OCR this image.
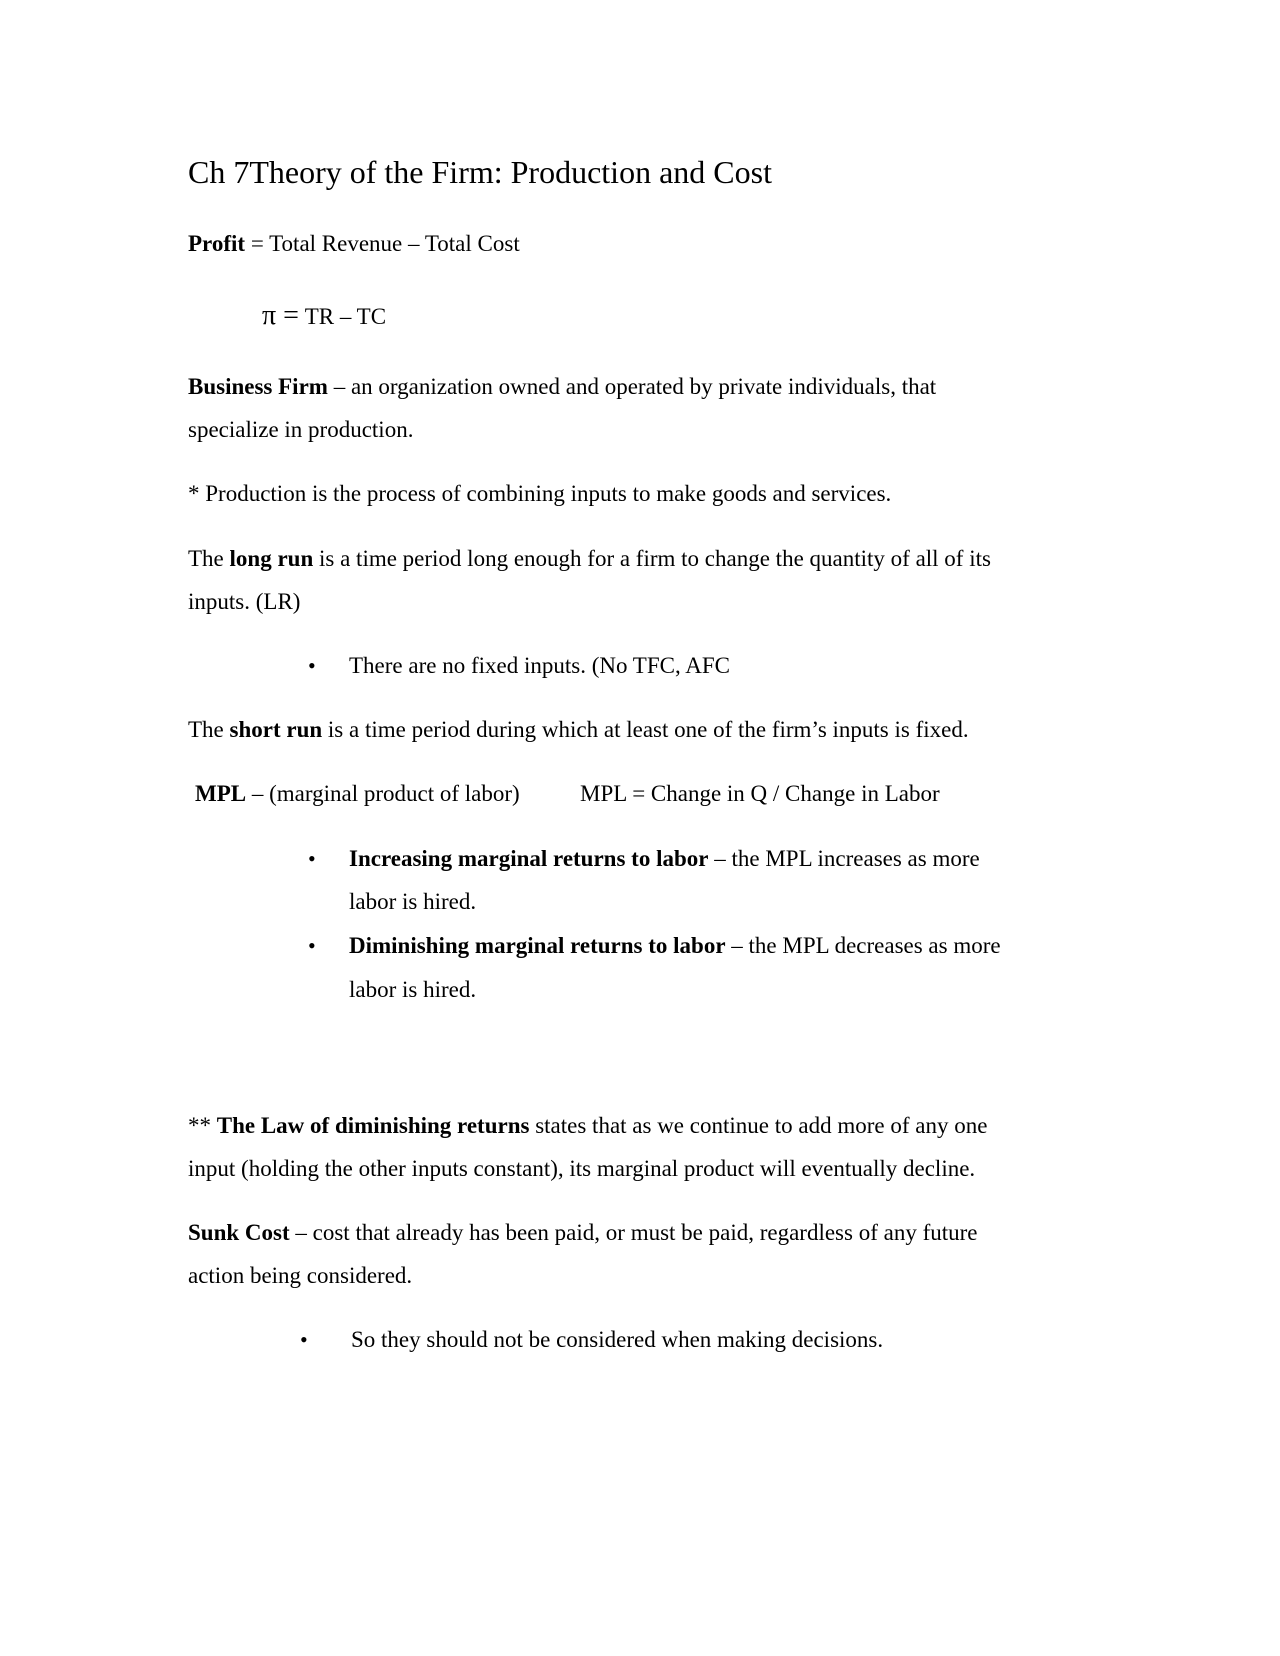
Ch 7Theory of the Firm: Production and Cost
Profit = Total Revenue – Total Cost
π = TR – TC
Business Firm – an organization owned and operated by private individuals, that
specialize in production.
* Production is the process of combining inputs to make goods and services.
The long run is a time period long enough for a firm to change the quantity of all of its
inputs. (LR)
• There are no fixed inputs. (No TFC, AFC
The short run is a time period during which at least one of the firm’s inputs is fixed.
MPL – (marginal product of labor)	MPL = Change in Q / Change in Labor
• Increasing marginal returns to labor – the MPL increases as more
labor is hired.
• Diminishing marginal returns to labor – the MPL decreases as more
labor is hired.
** The Law of diminishing returns states that as we continue to add more of any one
input (holding the other inputs constant), its marginal product will eventually decline.
Sunk Cost – cost that already has been paid, or must be paid, regardless of any future
action being considered.
• So they should not be considered when making decisions.
